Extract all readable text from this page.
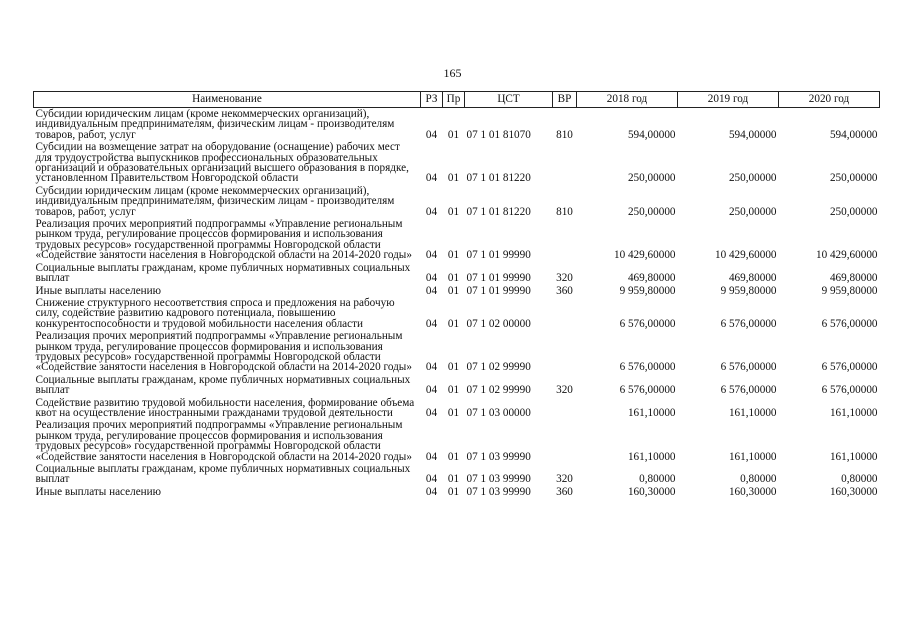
165
Наименование	РЗ	Пр	ЦСТ	ВР	2018 год	2019 год	2020 год
Субсидии юридическим лицам (кроме некоммерческих организаций), индивидуальным предпринимателям, физическим лицам - производителям товаров, работ, услуг	04	01	07 1 01 81070	810	594,00000	594,00000	594,00000
Субсидии на возмещение затрат на оборудование (оснащение) рабочих мест для трудоустройства выпускников профессиональных образовательных организаций и образовательных организаций высшего образования в порядке, установленном Правительством Новгородской области	04	01	07 1 01 81220		250,00000	250,00000	250,00000
Субсидии юридическим лицам (кроме некоммерческих организаций), индивидуальным предпринимателям, физическим лицам - производителям товаров, работ, услуг	04	01	07 1 01 81220	810	250,00000	250,00000	250,00000
Реализация прочих мероприятий подпрограммы «Управление региональным рынком труда, регулирование процессов формирования и использования трудовых ресурсов» государственной программы Новгородской области «Содействие занятости населения в Новгородской области на 2014-2020 годы»	04	01	07 1 01 99990		10 429,60000	10 429,60000	10 429,60000
Социальные выплаты гражданам, кроме публичных нормативных социальных выплат	04	01	07 1 01 99990	320	469,80000	469,80000	469,80000
Иные выплаты населению	04	01	07 1 01 99990	360	9 959,80000	9 959,80000	9 959,80000
Снижение структурного несоответствия спроса и предложения на рабочую силу, содействие развитию кадрового потенциала, повышению конкурентоспособности и трудовой мобильности населения области	04	01	07 1 02 00000		6 576,00000	6 576,00000	6 576,00000
Реализация прочих мероприятий подпрограммы «Управление региональным рынком труда, регулирование процессов формирования и использования трудовых ресурсов» государственной программы Новгородской области «Содействие занятости населения в Новгородской области на 2014-2020 годы»	04	01	07 1 02 99990		6 576,00000	6 576,00000	6 576,00000
Социальные выплаты гражданам, кроме публичных нормативных социальных выплат	04	01	07 1 02 99990	320	6 576,00000	6 576,00000	6 576,00000
Содействие развитию трудовой мобильности населения, формирование объема квот на осуществление иностранными гражданами трудовой деятельности	04	01	07 1 03 00000		161,10000	161,10000	161,10000
Реализация прочих мероприятий подпрограммы «Управление региональным рынком труда, регулирование процессов формирования и использования трудовых ресурсов» государственной программы Новгородской области «Содействие занятости населения в Новгородской области на 2014-2020 годы»	04	01	07 1 03 99990		161,10000	161,10000	161,10000
Социальные выплаты гражданам, кроме публичных нормативных социальных выплат	04	01	07 1 03 99990	320	0,80000	0,80000	0,80000
Иные выплаты населению	04	01	07 1 03 99990	360	160,30000	160,30000	160,30000
